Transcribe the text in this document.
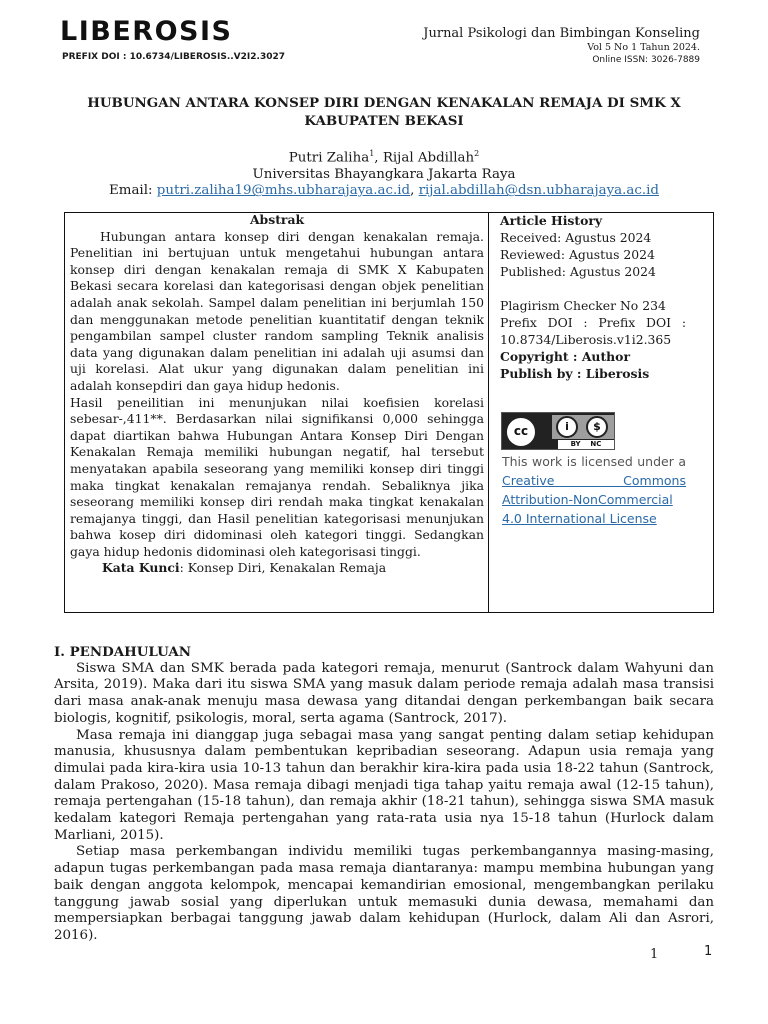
LIBEROSIS
PREFIX DOI : 10.6734/LIBEROSIS..V2I2.3027
Jurnal Psikologi dan Bimbingan Konseling
Vol 5 No 1 Tahun 2024.
Online ISSN: 3026-7889
HUBUNGAN ANTARA KONSEP DIRI DENGAN KENAKALAN REMAJA DI SMK X KABUPATEN BEKASI
Putri Zaliha$^1$, Rijal Abdillah$^2$
Universitas Bhayangkara Jakarta Raya
Email: putri.zaliha19@mhs.ubharajaya.ac.id, rijal.abdillah@dsn.ubharajaya.ac.id
Abstrak

Hubungan antara konsep diri dengan kenakalan remaja. Penelitian ini bertujuan untuk mengetahui hubungan antara konsep diri dengan kenakalan remaja di SMK X Kabupaten Bekasi secara korelasi dan kategorisasi dengan objek penelitian adalah anak sekolah. Sampel dalam penelitian ini berjumlah 150 dan menggunakan metode penelitian kuantitatif dengan teknik pengambilan sampel cluster random sampling Teknik analisis data yang digunakan dalam penelitian ini adalah uji asumsi dan uji korelasi. Alat ukur yang digunakan dalam penelitian ini adalah konsepdiri dan gaya hidup hedonis.

Hasil peneilitian ini menunjukan nilai koefisien korelasi sebesar-,411**. Berdasarkan nilai signifikansi 0,000 sehingga dapat diartikan bahwa Hubungan Antara Konsep Diri Dengan Kenakalan Remaja memiliki hubungan negatif, hal tersebut menyatakan apabila seseorang yang memiliki konsep diri tinggi maka tingkat kenakalan remajanya rendah. Sebaliknya jika seseorang memiliki konsep diri rendah maka tingkat kenakalan remajanya tinggi, dan Hasil penelitian kategorisasi menunjukan bahwa kosep diri didominasi oleh kategori tinggi. Sedangkan gaya hidup hedonis didominasi oleh kategorisasi tinggi.

Kata Kunci: Konsep Diri, Kenakalan Remaja

Article History

Received: Agustus 2024

Reviewed: Agustus 2024

Published: Agustus 2024

Plagirism Checker No 234

Prefix DOI : Prefix DOI : 10.8734/Liberosis.v1i2.365

Copyright : Author

Publish by : Liberosis

cc	i	$
BY NC
This work is licensed under a Creative Commons Attribution-NonCommercial 4.0 International License
I. PENDAHULUAN

Siswa SMA dan SMK berada pada kategori remaja, menurut (Santrock dalam Wahyuni dan Arsita, 2019). Maka dari itu siswa SMA yang masuk dalam periode remaja adalah masa transisi dari masa anak-anak menuju masa dewasa yang ditandai dengan perkembangan baik secara biologis, kognitif, psikologis, moral, serta agama (Santrock, 2017).

Masa remaja ini dianggap juga sebagai masa yang sangat penting dalam setiap kehidupan manusia, khususnya dalam pembentukan kepribadian seseorang. Adapun usia remaja yang dimulai pada kira-kira usia 10-13 tahun dan berakhir kira-kira pada usia 18-22 tahun (Santrock, dalam Prakoso, 2020). Masa remaja dibagi menjadi tiga tahap yaitu remaja awal (12-15 tahun), remaja pertengahan (15-18 tahun), dan remaja akhir (18-21 tahun), sehingga siswa SMA masuk kedalam kategori Remaja pertengahan yang rata-rata usia nya 15-18 tahun (Hurlock dalam Marliani, 2015).

Setiap masa perkembangan individu memiliki tugas perkembangannya masing-masing, adapun tugas perkembangan pada masa remaja diantaranya: mampu membina hubungan yang baik dengan anggota kelompok, mencapai kemandirian emosional, mengembangkan perilaku tanggung jawab sosial yang diperlukan untuk memasuki dunia dewasa, memahami dan mempersiapkan berbagai tanggung jawab dalam kehidupan (Hurlock, dalam Ali dan Asrori, 2016).

1	1
